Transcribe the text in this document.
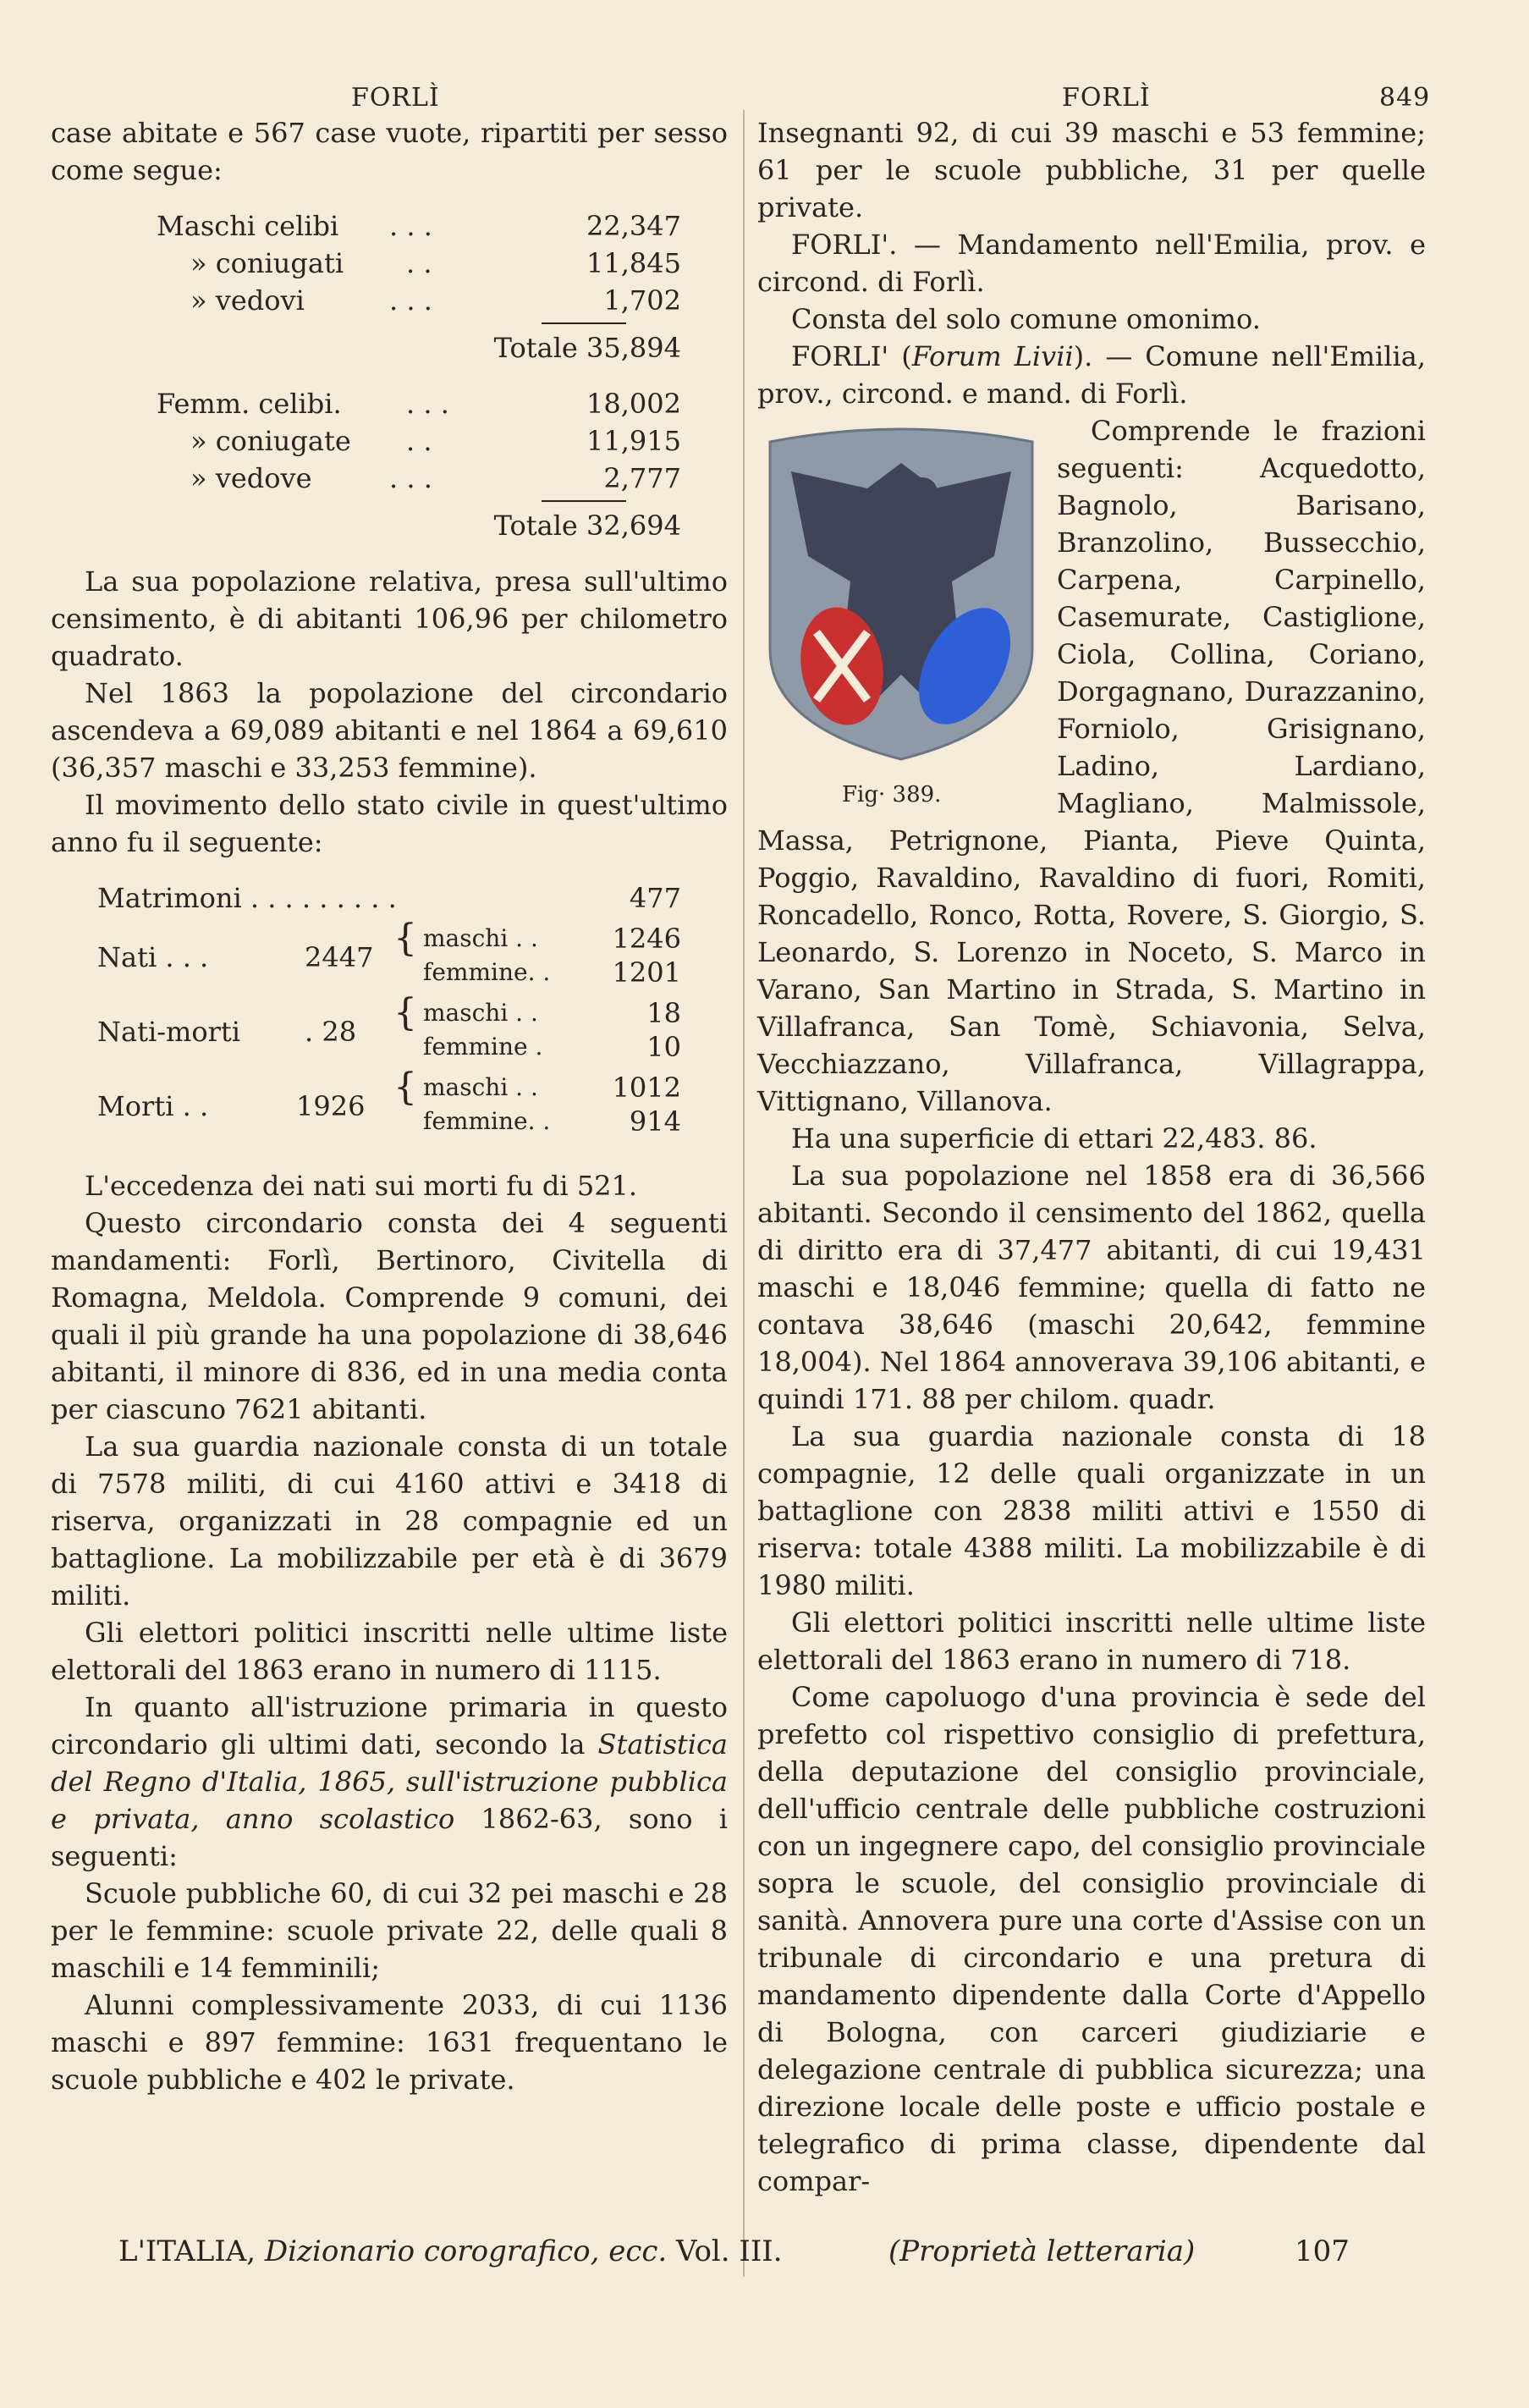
FORLÌ	FORLÌ	849

case abitate e 567 case vuote, ripartiti per sesso come segue:

Maschi celibi . . .	22,347
» coniugati . .	11,845
» vedovi	. . .	1,702
Totale 35,894
Femm. celibi. . . .	18,002
» coniugate . .	11,915
» vedove	. . .	2,777
Totale 32,694

La sua popolazione relativa, presa sull'ultimo censimento, è di abitanti 106,96 per chilometro quadrato.

Nel 1863 la popolazione del circondario ascendeva a 69,089 abitanti e nel 1864 a 69,610 (36,357 maschi e 33,253 femmine).

Il movimento dello stato civile in quest'ultimo anno fu il seguente:

Matrimoni . . . . . . . . .	477
Nati . . .	2447 { maschi . .	1246
femmine. . 1201
Nati-morti . 28 { maschi . .	18
femmine .	10
Morti . .	1926 { maschi . .	1012
femmine. .	914

L'eccedenza dei nati sui morti fu di 521.

Questo circondario consta dei 4 seguenti mandamenti: Forlì, Bertinoro, Civitella di Romagna, Meldola. Comprende 9 comuni, dei quali il più grande ha una popolazione di 38,646 abitanti, il minore di 836, ed in una media conta per ciascuno 7621 abitanti.

La sua guardia nazionale consta di un totale di 7578 militi, di cui 4160 attivi e 3418 di riserva, organizzati in 28 compagnie ed un battaglione. La mobilizzabile per età è di 3679 militi.

Gli elettori politici inscritti nelle ultime liste elettorali del 1863 erano in numero di 1115.

In quanto all'istruzione primaria in questo circondario gli ultimi dati, secondo la Statistica del Regno d'Italia, 1865, sull'istruzione pubblica e privata, anno scolastico 1862-63, sono i seguenti:

Scuole pubbliche 60, di cui 32 pei maschi e 28 per le femmine: scuole private 22, delle quali 8 maschili e 14 femminili;

Alunni complessivamente 2033, di cui 1136 maschi e 897 femmine: 1631 frequentano le scuole pubbliche e 402 le private.

Insegnanti 92, di cui 39 maschi e 53 femmine; 61 per le scuole pubbliche, 31 per quelle private.

FORLI'. — Mandamento nell'Emilia, prov. e circond. di Forlì.

Consta del solo comune omonimo.

FORLI' (Forum Livii). — Comune nell'Emilia, prov., circond. e mand. di Forlì.

Fig· 389.

Comprende le frazioni seguenti: Acquedotto, Bagnolo, Barisano, Branzolino, Bussecchio, Carpena, Carpinello, Casemurate, Castiglione, Ciola, Collina, Coriano, Dorgagnano, Durazzanino, Forniolo, Grisignano, Ladino, Lardiano, Magliano, Malmissole, Massa, Petrignone, Pianta, Pieve Quinta, Poggio, Ravaldino, Ravaldino di fuori, Romiti, Roncadello, Ronco, Rotta, Rovere, S. Giorgio, S. Leonardo, S. Lorenzo in Noceto, S. Marco in Varano, San Martino in Strada, S. Martino in Villafranca, San Tomè, Schiavonia, Selva, Vecchiazzano, Villafranca, Villagrappa, Vittignano, Villanova.

Ha una superficie di ettari 22,483. 86.

La sua popolazione nel 1858 era di 36,566 abitanti. Secondo il censimento del 1862, quella di diritto era di 37,477 abitanti, di cui 19,431 maschi e 18,046 femmine; quella di fatto ne contava 38,646 (maschi 20,642, femmine 18,004). Nel 1864 annoverava 39,106 abitanti, e quindi 171. 88 per chilom. quadr.

La sua guardia nazionale consta di 18 compagnie, 12 delle quali organizzate in un battaglione con 2838 militi attivi e 1550 di riserva: totale 4388 militi. La mobilizzabile è di 1980 militi.

Gli elettori politici inscritti nelle ultime liste elettorali del 1863 erano in numero di 718.

Come capoluogo d'una provincia è sede del prefetto col rispettivo consiglio di prefettura, della deputazione del consiglio provinciale, dell'ufficio centrale delle pubbliche costruzioni con un ingegnere capo, del consiglio provinciale sopra le scuole, del consiglio provinciale di sanità. Annovera pure una corte d'Assise con un tribunale di circondario e una pretura di mandamento dipendente dalla Corte d'Appello di Bologna, con carceri giudiziarie e delegazione centrale di pubblica sicurezza; una direzione locale delle poste e ufficio postale e telegrafico di prima classe, dipendente dal compar-

L'ITALIA, Dizionario corografico, ecc. Vol. III.	(Proprietà letteraria)	107
